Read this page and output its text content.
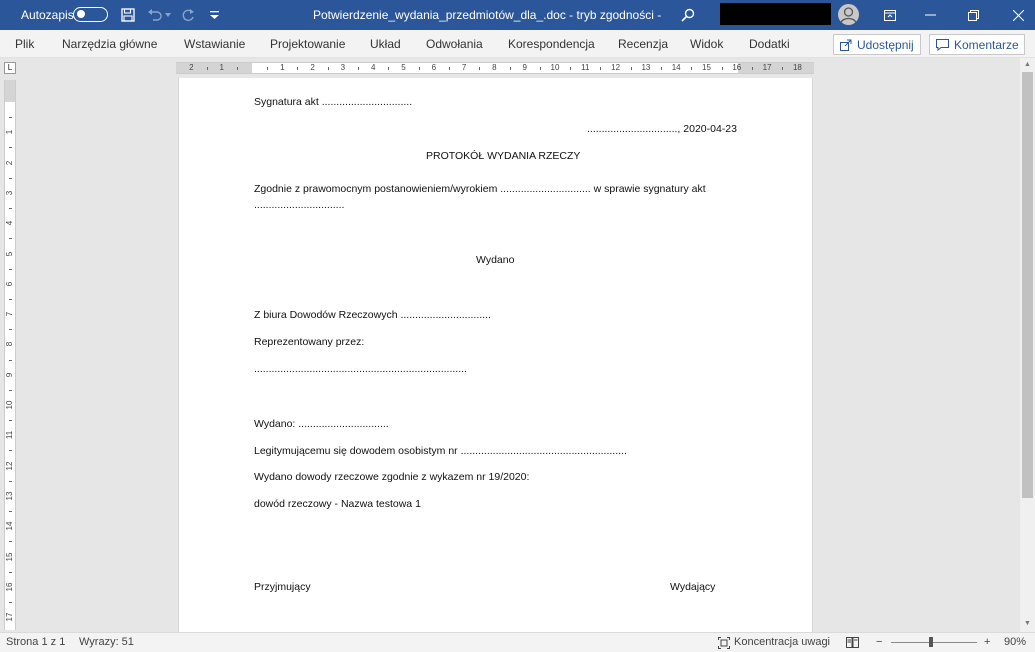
Autozapis	Potwierdzenie_wydania_przedmiotów_dla_.doc - tryb zgodności -
Plik Narzędzia główne Wstawianie Projektowanie Układ Odwołania Korespondencja Recenzja Widok Dodatki	Udostępnij	Komentarze
L	2	1	1	2	3	4	5	6	7	8	9	10	11	12	13	14	15	16	17	18
1
2
3
4
5
6
7
8
9
10
11
12
13
14
15
16
17
Sygnatura akt ...............................
..............................., 2020-04-23
PROTOKÓŁ WYDANIA RZECZY
Zgodnie z prawomocnym postanowieniem/wyrokiem ............................... w sprawie sygnatury akt
...............................
Wydano
Z biura Dowodów Rzeczowych ...............................
Reprezentowany przez:
.........................................................................
Wydano: ...............................
Legitymującemu się dowodem osobistym nr .........................................................
Wydano dowody rzeczowe zgodnie z wykazem nr 19/2020:
dowód rzeczowy - Nazwa testowa 1
Przyjmujący	Wydający
▲
▼
Strona 1 z 1 Wyrazy: 51	Koncentracja uwagi	−	+ 90%
